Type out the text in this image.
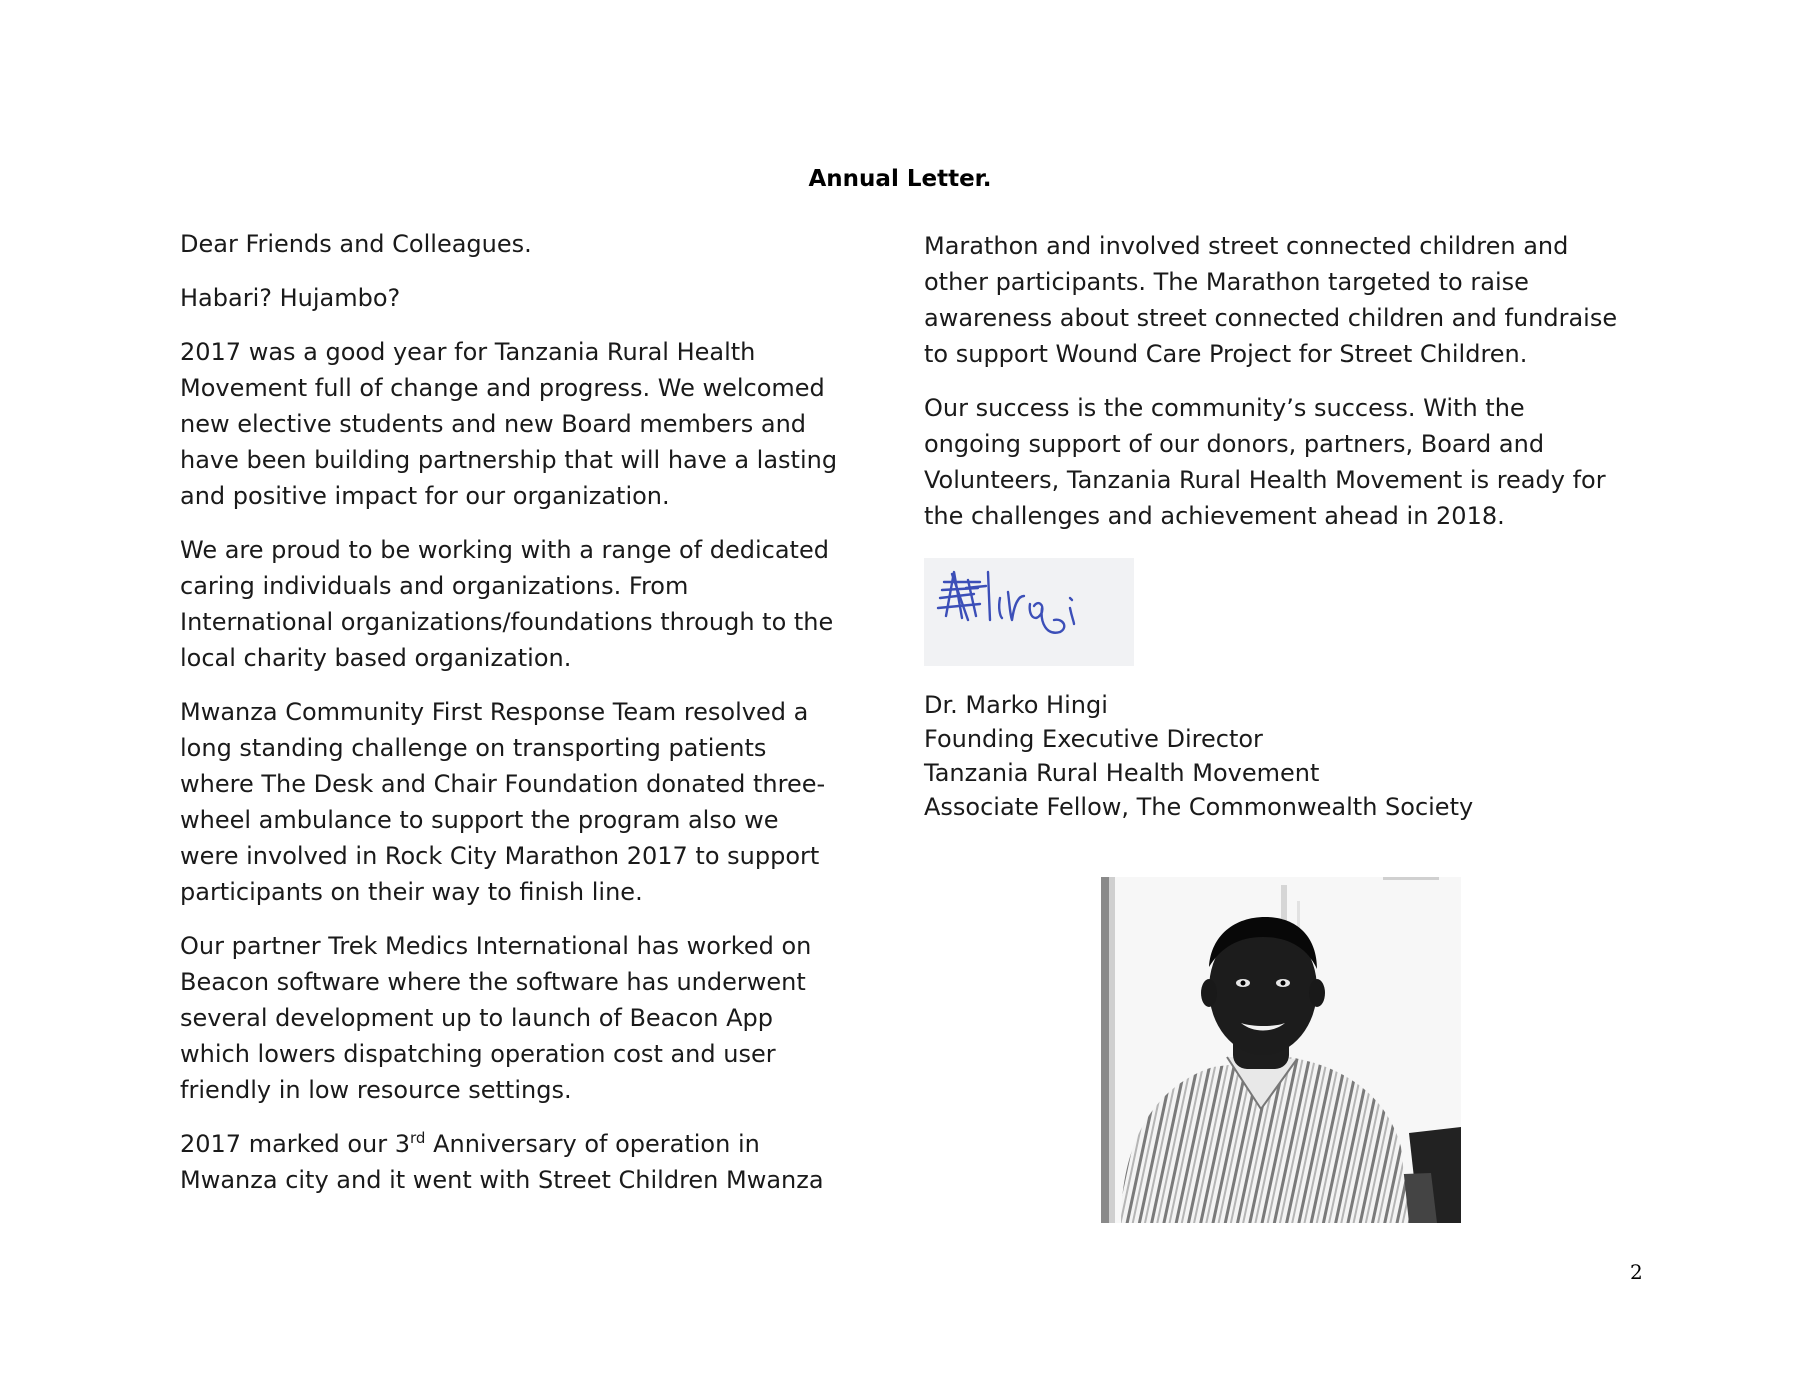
Annual Letter.

Dear Friends and Colleagues.

Habari? Hujambo?

2017 was a good year for Tanzania Rural Health Movement full of change and progress. We welcomed new elective students and new Board members and have been building partnership that will have a lasting and positive impact for our organization.

We are proud to be working with a range of dedicated caring individuals and organizations. From International organizations/foundations through to the local charity based organization.

Mwanza Community First Response Team resolved a long standing challenge on transporting patients where The Desk and Chair Foundation donated three-wheel ambulance to support the program also we were involved in Rock City Marathon 2017 to support participants on their way to finish line.

Our partner Trek Medics International has worked on Beacon software where the software has underwent several development up to launch of Beacon App which lowers dispatching operation cost and user friendly in low resource settings.

2017 marked our 3rd Anniversary of operation in Mwanza city and it went with Street Children Mwanza

Marathon and involved street connected children and other participants. The Marathon targeted to raise awareness about street connected children and fundraise to support Wound Care Project for Street Children.

Our success is the community’s success. With the ongoing support of our donors, partners, Board and Volunteers, Tanzania Rural Health Movement is ready for the challenges and achievement ahead in 2018.

Dr. Marko Hingi
Founding Executive Director
Tanzania Rural Health Movement
Associate Fellow, The Commonwealth Society
2
